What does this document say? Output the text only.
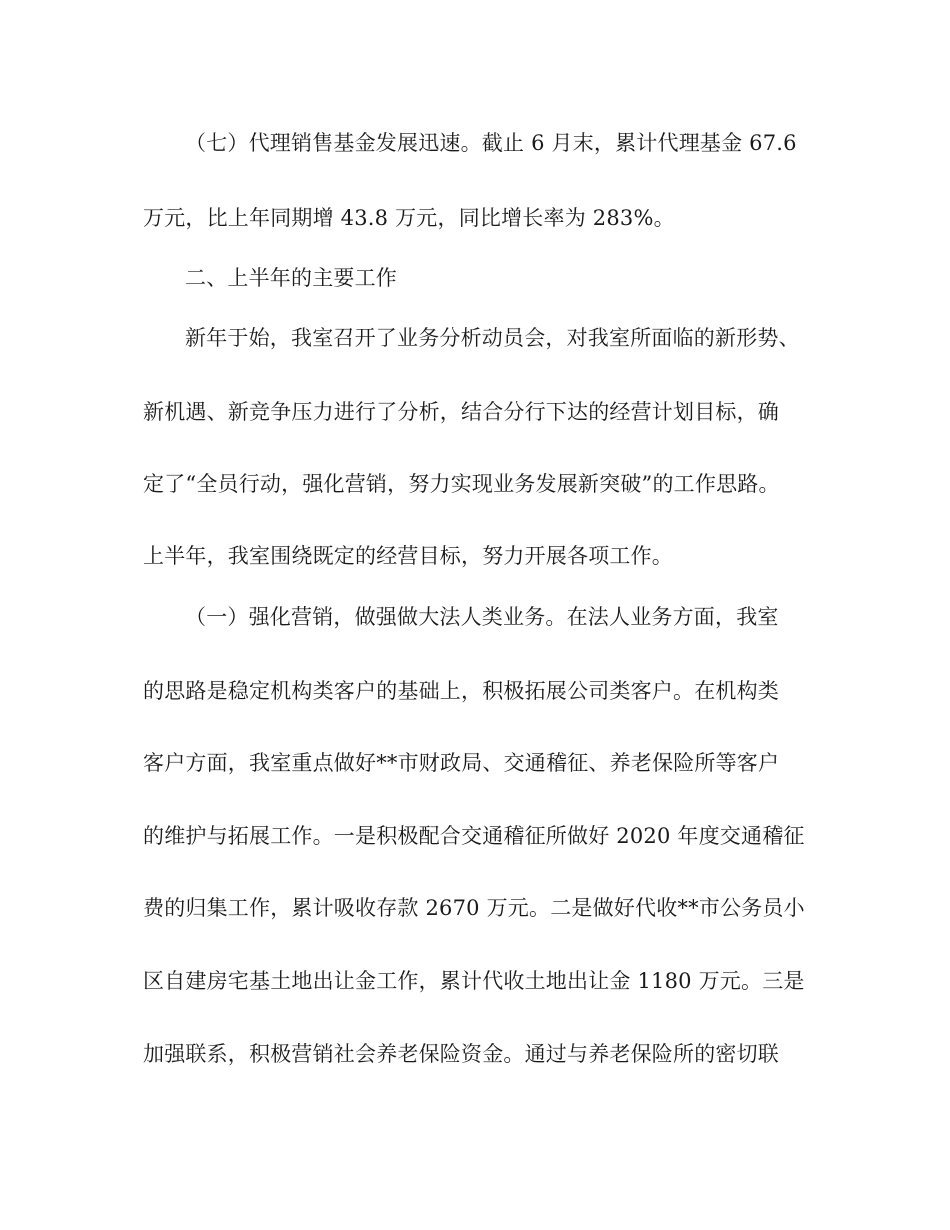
（七）代理销售基金发展迅速。截止 6 月末，累计代理基金 67.6
万元，比上年同期增 43.8 万元，同比增长率为 283%。
二、上半年的主要工作
新年于始，我室召开了业务分析动员会，对我室所面临的新形势、
新机遇、新竞争压力进行了分析，结合分行下达的经营计划目标，确
定了“全员行动，强化营销，努力实现业务发展新突破”的工作思路。
上半年，我室围绕既定的经营目标，努力开展各项工作。
（一）强化营销，做强做大法人类业务。在法人业务方面，我室
的思路是稳定机构类客户的基础上，积极拓展公司类客户。在机构类
客户方面，我室重点做好**市财政局、交通稽征、养老保险所等客户
的维护与拓展工作。一是积极配合交通稽征所做好 2020 年度交通稽征
费的归集工作，累计吸收存款 2670 万元。二是做好代收**市公务员小
区自建房宅基土地出让金工作，累计代收土地出让金 1180 万元。三是
加强联系，积极营销社会养老保险资金。通过与养老保险所的密切联
